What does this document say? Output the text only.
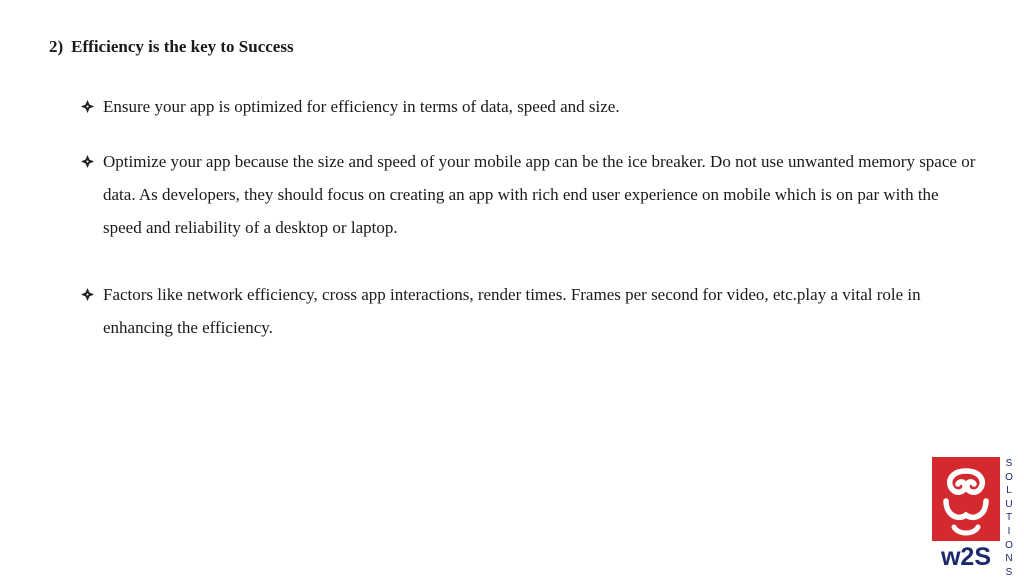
2) Efficiency is the key to Success
Ensure your app is optimized for efficiency in terms of data, speed and size.
Optimize your app because the size and speed of your mobile app can be the ice breaker. Do not use unwanted memory space or data. As developers, they should focus on creating an app with rich end user experience on mobile which is on par with the speed and reliability of a desktop or laptop.
Factors like network efficiency, cross app interactions, render times. Frames per second for video, etc.play a vital role in enhancing the efficiency.
w2S
S
O
L
U
T
I
O
N
S
